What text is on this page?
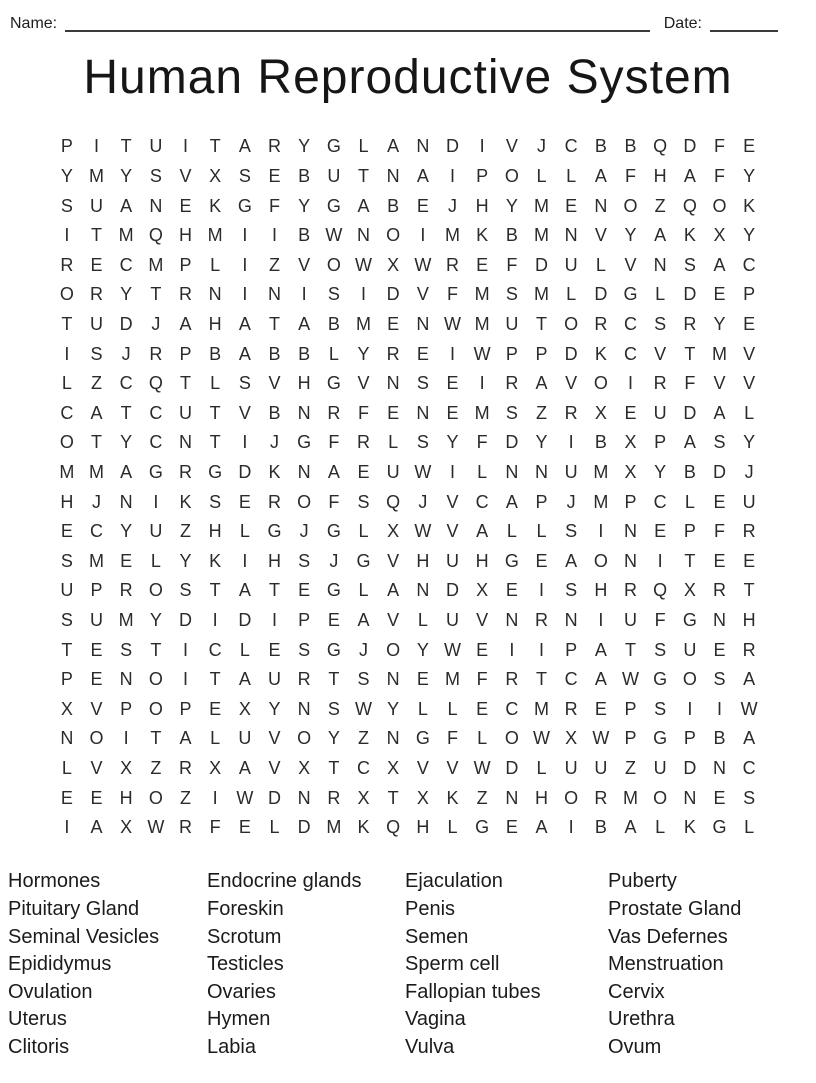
Name:	Date:
Human Reproductive System
P	I	T U	I	T	A R Y G L	A N D	I	V	J	C B B Q D F	E
Y M Y S V X S E B U T N A	I	P O L	L	A	F H A	F	Y
S U A N E K G F	Y G A B E	J	H Y M E N O Z Q O K
I	T M Q H M	I	I	B W N O	I	M K B M N V Y A K X Y
R E C M P	L	I	Z	V O W X W R E	F D U	L	V N S A C
O R Y	T R N	I	N	I	S	I	D V	F M S M L	D G L	D E P
T U D	J	A H A	T	A B M E N W M U T O R C S R Y E
I	S	J	R P B A B B	L	Y R E	I	W P P D K C V	T M V
L	Z C Q T	L	S V H G V N S E	I	R A V O	I	R F	V V
C A	T C U T	V B N R F	E N E M S	Z R X E U D A	L
O T	Y C N T	I	J	G F R	L	S Y	F D Y	I	B X P A S Y
M M A G R G D K N A E U W	I	L	N N U M X Y B D	J
H	J	N	I	K S E R O F	S Q	J	V C A P	J M P C	L	E U
E C Y U Z H	L G	J	G L	X W V A	L	L	S	I	N E P	F R
S M E	L	Y K	I	H S	J	G V H U H G E A O N	I	T	E E
U P R O S	T	A	T	E G L	A N D X E	I	S H R Q X R T
S U M Y D	I	D	I	P E A V	L	U V N R N	I	U F G N H
T	E S	T	I	C	L	E S G	J	O Y W E	I	I	P A	T	S U E R
P E N O	I	T	A U R T	S N E M F R T C A W G O S A
X V P O P E X Y N S W Y	L	L	E C M R E P S	I	I	W
N O	I	T	A	L	U V O Y	Z N G F	L O W X W P G P B A
L	V X	Z R X A V X	T C X V V W D	L	U U Z U D N C
E E H O Z	I	W D N R X	T	X K	Z N H O R M O N E S
I	A X W R F	E	L	D M K Q H	L G E A	I	B A	L	K G L
Hormones
Pituitary Gland
Seminal Vesicles
Epididymus
Ovulation
Uterus
Clitoris
Endocrine glands
Foreskin
Scrotum
Testicles
Ovaries
Hymen
Labia
Ejaculation
Penis
Semen
Sperm cell
Fallopian tubes
Vagina
Vulva
Puberty
Prostate Gland
Vas Defernes
Menstruation
Cervix
Urethra
Ovum
